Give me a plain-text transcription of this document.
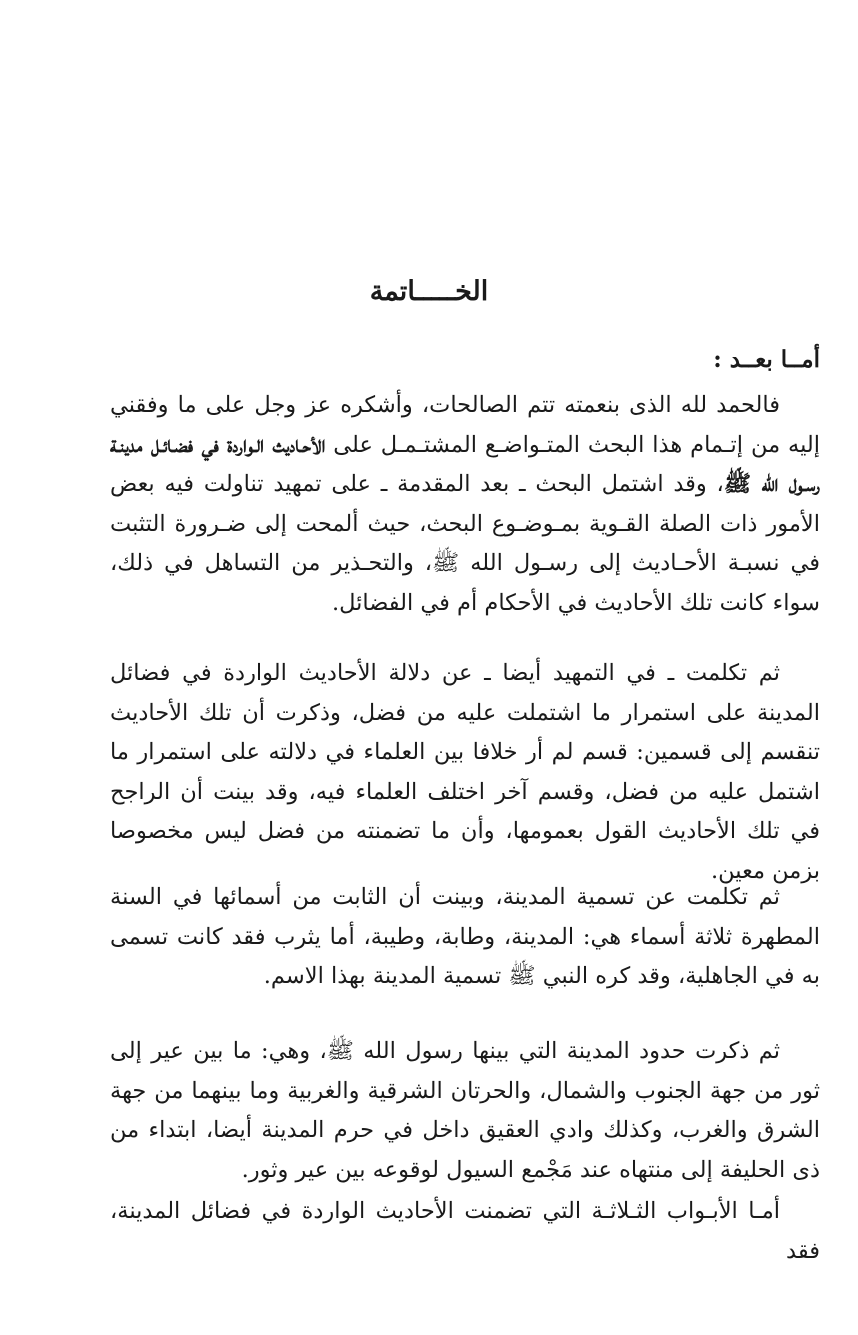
الخـــــاتمة

أمــا بعــد :

فالحمد لله الذى بنعمته تتم الصالحات، وأشكره عز وجل على ما وفقني إليه من إتـمام هذا البحث المتـواضـع المشتـمـل على الأحـاديث الـواردة في فضـائـل مدينـة رسـول الله ﷺ، وقد اشتمل البحث ـ بعد المقدمة ـ على تمهيد تناولت فيه بعض الأمور ذات الصلة القـوية بمـوضـوع البحث، حيث ألمحت إلى ضـرورة التثبت في نسبـة الأحـاديث إلى رسـول الله ﷺ، والتحـذير من التساهل في ذلك، سواء كانت تلك الأحاديث في الأحكام أم في الفضائل.

ثم تكلمت ـ في التمهيد أيضا ـ عن دلالة الأحاديث الواردة في فضائل المدينة على استمرار ما اشتملت عليه من فضل، وذكرت أن تلك الأحاديث تنقسم إلى قسمين: قسم لم أر خلافا بين العلماء في دلالته على استمرار ما اشتمل عليه من فضل، وقسم آخر اختلف العلماء فيه، وقد بينت أن الراجح في تلك الأحاديث القول بعمومها، وأن ما تضمنته من فضل ليس مخصوصا بزمن معين.

ثم تكلمت عن تسمية المدينة، وبينت أن الثابت من أسمائها في السنة المطهرة ثلاثة أسماء هي: المدينة، وطابة، وطيبة، أما يثرب فقد كانت تسمى به في الجاهلية، وقد كره النبي ﷺ تسمية المدينة بهذا الاسم.

ثم ذكرت حدود المدينة التي بينها رسول الله ﷺ، وهي: ما بين عير إلى ثور من جهة الجنوب والشمال، والحرتان الشرقية والغربية وما بينهما من جهة الشرق والغرب، وكذلك وادي العقيق داخل في حرم المدينة أيضا، ابتداء من ذى الحليفة إلى منتهاه عند مَجْمع السيول لوقوعه بين عير وثور.

أمـا الأبـواب الثـلاثـة التي تضمنت الأحاديث الواردة في فضائل المدينة، فقد
